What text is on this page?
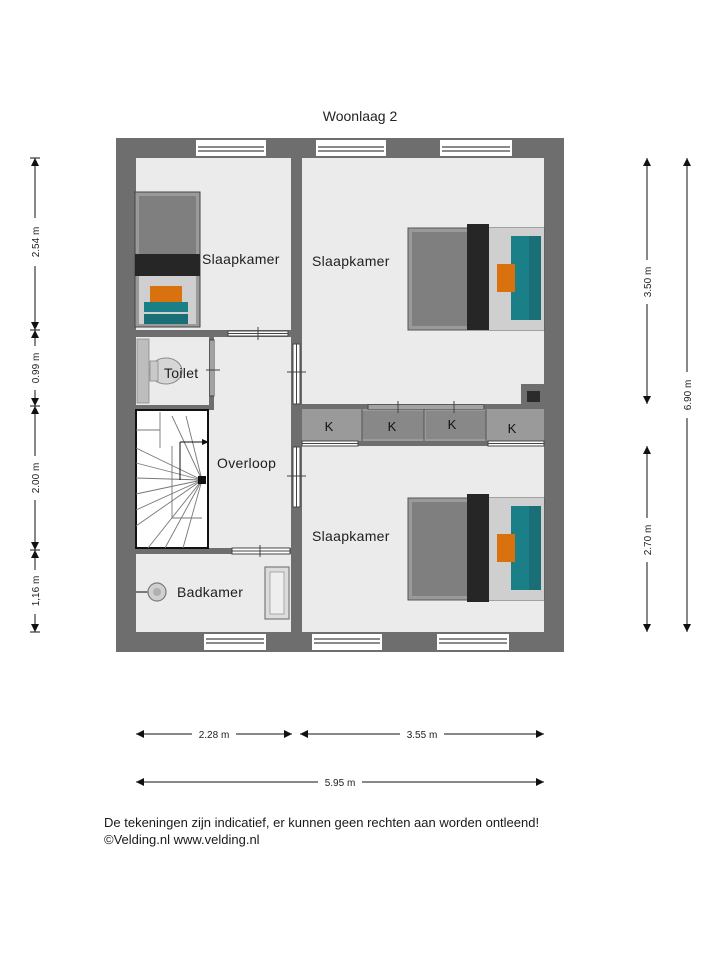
Woonlaag 2
K	K	K	K
Slaapkamer Slaapkamer
Toilet
Overloop
Slaapkamer
Badkamer
2.54 m
0.99 m
2.00 m
1,16 m
3.50 m
2.70 m
6.90 m
2.28 m	3.55 m
5.95 m
De tekeningen zijn indicatief, er kunnen geen rechten aan worden ontleend!
©Velding.nl www.velding.nl
